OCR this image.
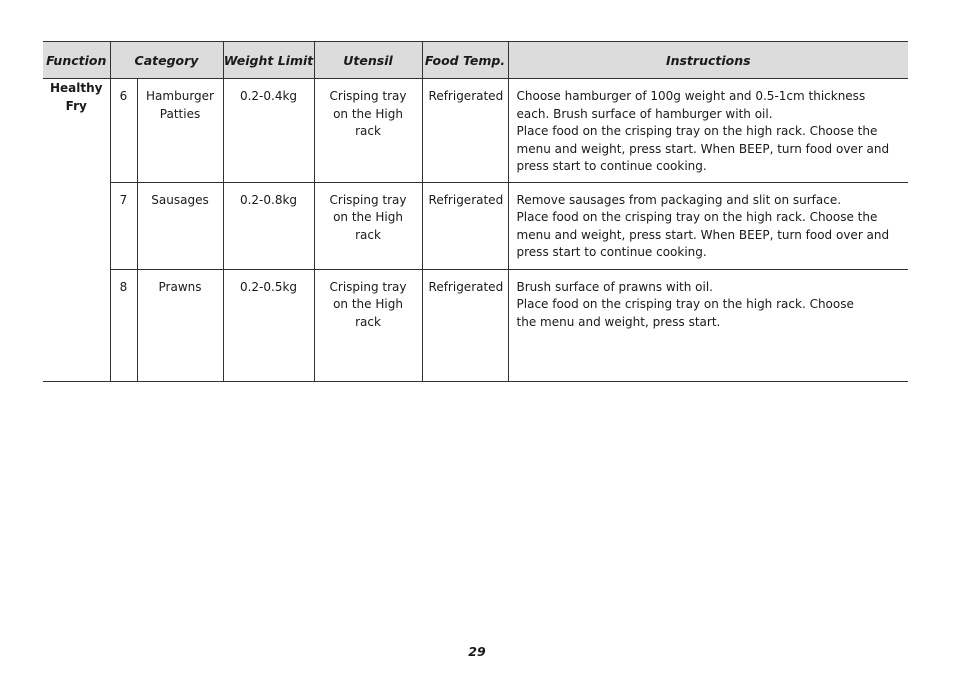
Function	Category		Weight Limit	Utensil	Food Temp.	Instructions
Healthy Fry	6	Hamburger Patties	0.2-0.4kg	Crisping tray on the High rack	Refrigerated	Choose hamburger of 100g weight and 0.5-1cm thickness each. Brush surface of hamburger with oil.
Place food on the crisping tray on the high rack. Choose the menu and weight, press start. When BEEP, turn food over and press start to continue cooking.

	7	Sausages	0.2-0.8kg	Crisping tray on the High rack	Refrigerated	Remove sausages from packaging and slit on surface.
Place food on the crisping tray on the high rack. Choose the menu and weight, press start. When BEEP, turn food over and press start to continue cooking.

	8	Prawns	0.2-0.5kg	Crisping tray on the High rack	Refrigerated	Brush surface of prawns with oil.
Place food on the crisping tray on the high rack. Choose
the menu and weight, press start.
29
